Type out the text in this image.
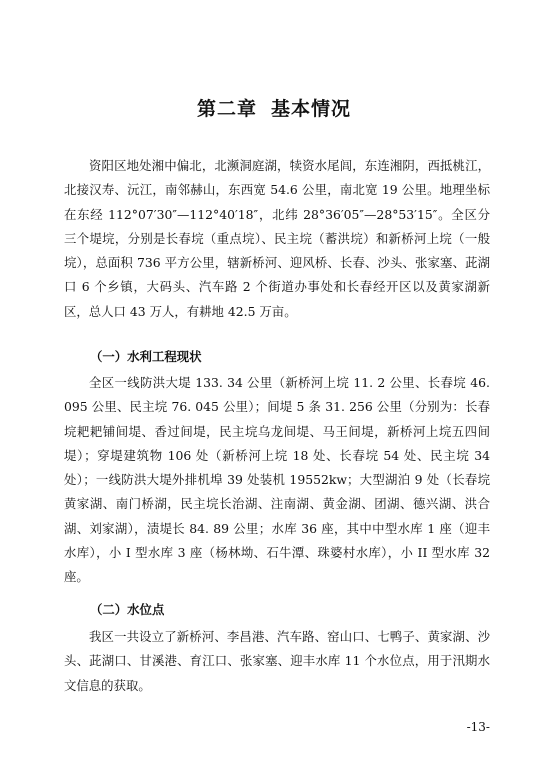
第二章 基本情况

资阳区地处湘中偏北，北濒洞庭湖，犊资水尾闾，东连湘阴，西抵桃江，北接汉寿、沅江，南邻赫山，东西宽 54.6 公里，南北宽 19 公里。地理坐标在东经 112°07′30″—112°40′18″，北纬 28°36′05″—28°53′15″。全区分三个堤垸，分别是长春垸（重点垸）、民主垸（蓄洪垸）和新桥河上垸（一般垸），总面积 736 平方公里，辖新桥河、迎风桥、长春、沙头、张家塞、茈湖口 6 个乡镇，大码头、汽车路 2 个街道办事处和长春经开区以及黄家湖新区，总人口 43 万人，有耕地 42.5 万亩。

（一）水利工程现状

全区一线防洪大堤 133. 34 公里（新桥河上垸 11. 2 公里、长春垸 46. 095 公里、民主垸 76. 045 公里）；间堤 5 条 31. 256 公里（分别为：长春垸耙耙铺间堤、香过间堤，民主垸乌龙间堤、马王间堤，新桥河上垸五四间堤）；穿堤建筑物 106 处（新桥河上垸 18 处、长春垸 54 处、民主垸 34 处）；一线防洪大堤外排机埠 39 处装机 19552kw；大型湖泊 9 处（长春垸黄家湖、南门桥湖，民主垸长治湖、注南湖、黄金湖、团湖、德兴湖、洪合湖、刘家湖），渍堤长 84. 89 公里；水库 36 座，其中中型水库 1 座（迎丰水库），小 I 型水库 3 座（杨林坳、石牛潭、珠婆村水库），小 II 型水库 32 座。

（二）水位点

我区一共设立了新桥河、李昌港、汽车路、窑山口、七鸭子、黄家湖、沙头、茈湖口、甘溪港、育江口、张家塞、迎丰水库 11 个水位点，用于汛期水文信息的获取。

-13-
